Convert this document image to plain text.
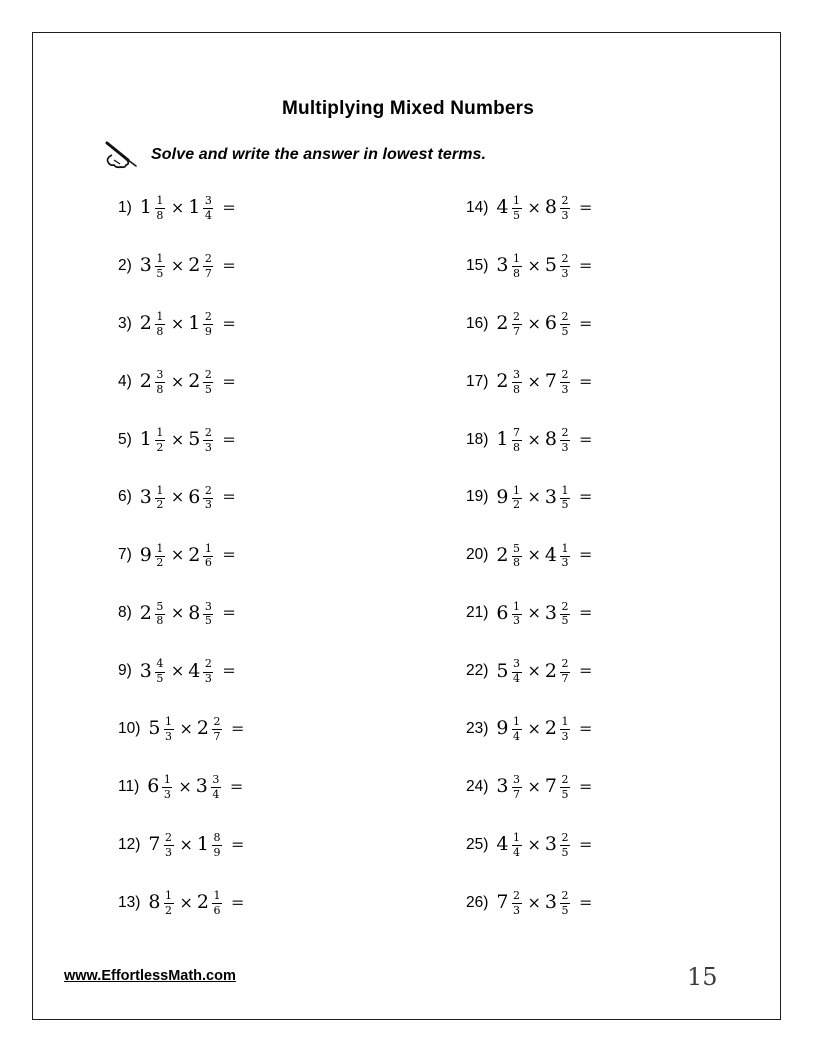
Multiplying Mixed Numbers
Solve and write the answer in lowest terms.
1) $1 \frac{1}{8} \times 1 \frac{3}{4}$ =
2) $3 \frac{1}{5} \times 2 \frac{2}{7}$ =
3) $2 \frac{1}{8} \times 1 \frac{2}{9}$ =
4) $2 \frac{3}{8} \times 2 \frac{2}{5}$ =
5) $1 \frac{1}{2} \times 5 \frac{2}{3}$ =
6) $3 \frac{1}{2} \times 6 \frac{2}{3}$ =
7) $9 \frac{1}{2} \times 2 \frac{1}{6}$ =
8) $2 \frac{5}{8} \times 8 \frac{3}{5}$ =
9) $3 \frac{4}{5} \times 4 \frac{2}{3}$ =
10) $5 \frac{1}{3} \times 2 \frac{2}{7}$ =
11) $6 \frac{1}{3} \times 3 \frac{3}{4}$ =
12) $7 \frac{2}{3} \times 1 \frac{8}{9}$ =
13) $8 \frac{1}{2} \times 2 \frac{1}{6}$ =
14) $4 \frac{1}{5} \times 8 \frac{2}{3}$ =
15) $3 \frac{1}{8} \times 5 \frac{2}{3}$ =
16) $2 \frac{2}{7} \times 6 \frac{2}{5}$ =
17) $2 \frac{3}{8} \times 7 \frac{2}{3}$ =
18) $1 \frac{7}{8} \times 8 \frac{2}{3}$ =
19) $9 \frac{1}{2} \times 3 \frac{1}{5}$ =
20) $2 \frac{5}{8} \times 4 \frac{1}{3}$ =
21) $6 \frac{1}{3} \times 3 \frac{2}{5}$ =
22) $5 \frac{3}{4} \times 2 \frac{2}{7}$ =
23) $9 \frac{1}{4} \times 2 \frac{1}{3}$ =
24) $3 \frac{3}{7} \times 7 \frac{2}{5}$ =
25) $4 \frac{1}{4} \times 3 \frac{2}{5}$ =
26) $7 \frac{2}{3} \times 3 \frac{2}{5}$ =
www.EffortlessMath.com	15
